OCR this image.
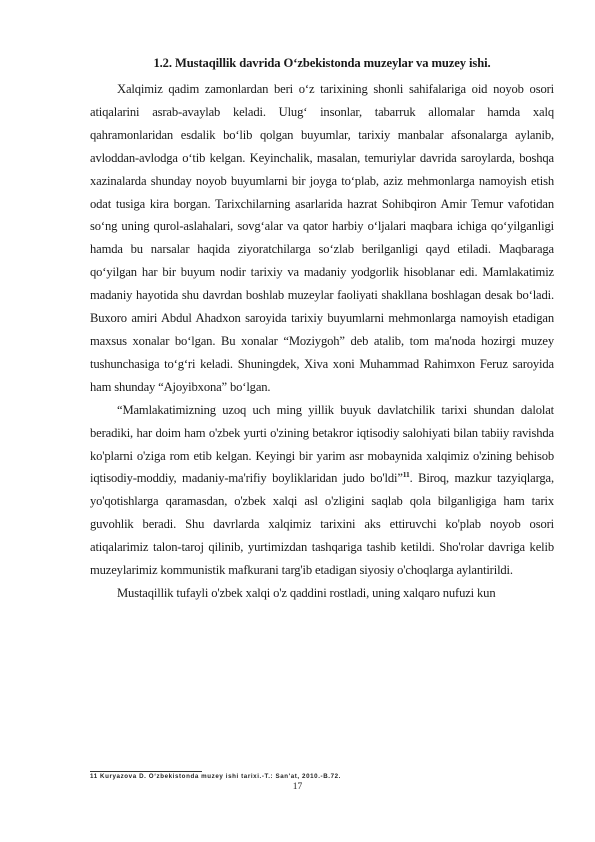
1.2. Mustaqillik davrida O‘zbekistonda muzeylar va muzey ishi.

Xalqimiz qadim zamonlardan beri o‘z tarixining shonli sahifalariga oid noyob osori atiqalarini asrab-avaylab keladi. Ulug‘ insonlar, tabarruk allomalar hamda xalq qahramonlaridan esdalik bo‘lib qolgan buyumlar, tarixiy manbalar afsonalarga aylanib, avloddan-avlodga o‘tib kelgan. Keyinchalik, masalan, temuriylar davrida saroylarda, boshqa xazinalarda shunday noyob buyumlarni bir joyga to‘plab, aziz mehmonlarga namoyish etish odat tusiga kira borgan. Tarixchilarning asarlarida hazrat Sohibqiron Amir Temur vafotidan so‘ng uning qurol-aslahalari, sovg‘alar va qator harbiy o‘ljalari maqbara ichiga qo‘yilganligi hamda bu narsalar haqida ziyoratchilarga so‘zlab berilganligi qayd etiladi. Maqbaraga qo‘yilgan har bir buyum nodir tarixiy va madaniy yodgorlik hisoblanar edi. Mamlakatimiz madaniy hayotida shu davrdan boshlab muzeylar faoliyati shakllana boshlagan desak bo‘ladi. Buxoro amiri Abdul Ahadxon saroyida tarixiy buyumlarni mehmonlarga namoyish etadigan maxsus xonalar bo‘lgan. Bu xonalar “Moziygoh” deb atalib, tom ma'noda hozirgi muzey tushunchasiga to‘g‘ri keladi. Shuningdek, Xiva xoni Muhammad Rahimxon Feruz saroyida ham shunday “Ajoyibxona” bo‘lgan.

“Mamlakatimizning uzoq uch ming yillik buyuk davlatchilik tarixi shundan dalolat beradiki, har doim ham o'zbek yurti o'zining betakror iqtisodiy salohiyati bilan tabiiy ravishda ko'plarni o'ziga rom etib kelgan. Keyingi bir yarim asr mobaynida xalqimiz o'zining behisob iqtisodiy-moddiy, madaniy-ma'rifiy boyliklaridan judo bo'ldi”$^{11}$. Biroq, mazkur tazyiqlarga, yo'qotishlarga qaramasdan, o'zbek xalqi asl o'zligini saqlab qola bilganligiga ham tarix guvohlik beradi. Shu davrlarda xalqimiz tarixini aks ettiruvchi ko'plab noyob osori atiqalarimiz talon-taroj qilinib, yurtimizdan tashqariga tashib ketildi. Sho'rolar davriga kelib muzeylarimiz kommunistik mafkurani targ'ib etadigan siyosiy o'choqlarga aylantirildi.

Mustaqillik tufayli o'zbek xalqi o'z qaddini rostladi, uning xalqaro nufuzi kun

11 Kuryazova D. O‘zbekistonda muzey ishi tarixi.-T.: San'at, 2010.-B.72.
17
